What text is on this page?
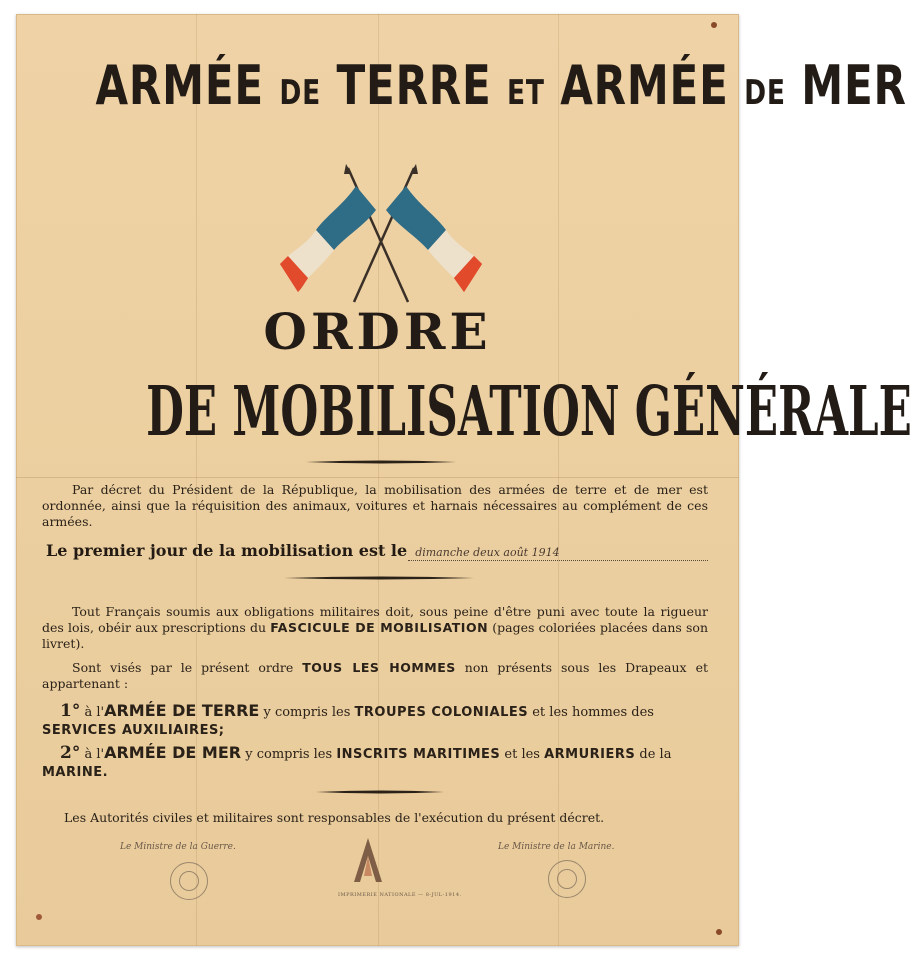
ARMÉE DE TERRE ET ARMÉE DE MER
ORDRE
DE MOBILISATION GÉNÉRALE
Par décret du Président de la République, la mobilisation des armées de terre et de mer est ordonnée, ainsi que la réquisition des animaux, voitures et harnais nécessaires au complément de ces armées.
Le premier jour de la mobilisation est le dimanche deux août 1914
Tout Français soumis aux obligations militaires doit, sous peine d'être puni avec toute la rigueur des lois, obéir aux prescriptions du FASCICULE DE MOBILISATION (pages coloriées placées dans son livret).
Sont visés par le présent ordre TOUS LES HOMMES non présents sous les Drapeaux et appartenant :
1° à l'ARMÉE DE TERRE y compris les TROUPES COLONIALES et les hommes des SERVICES AUXILIAIRES;
2° à l'ARMÉE DE MER y compris les INSCRITS MARITIMES et les ARMURIERS de la MARINE.
Les Autorités civiles et militaires sont responsables de l'exécution du présent décret.
Le Ministre de la Guerre.	Le Ministre de la Marine.
IMPRIMERIE NATIONALE — 8-JUL-1914.
